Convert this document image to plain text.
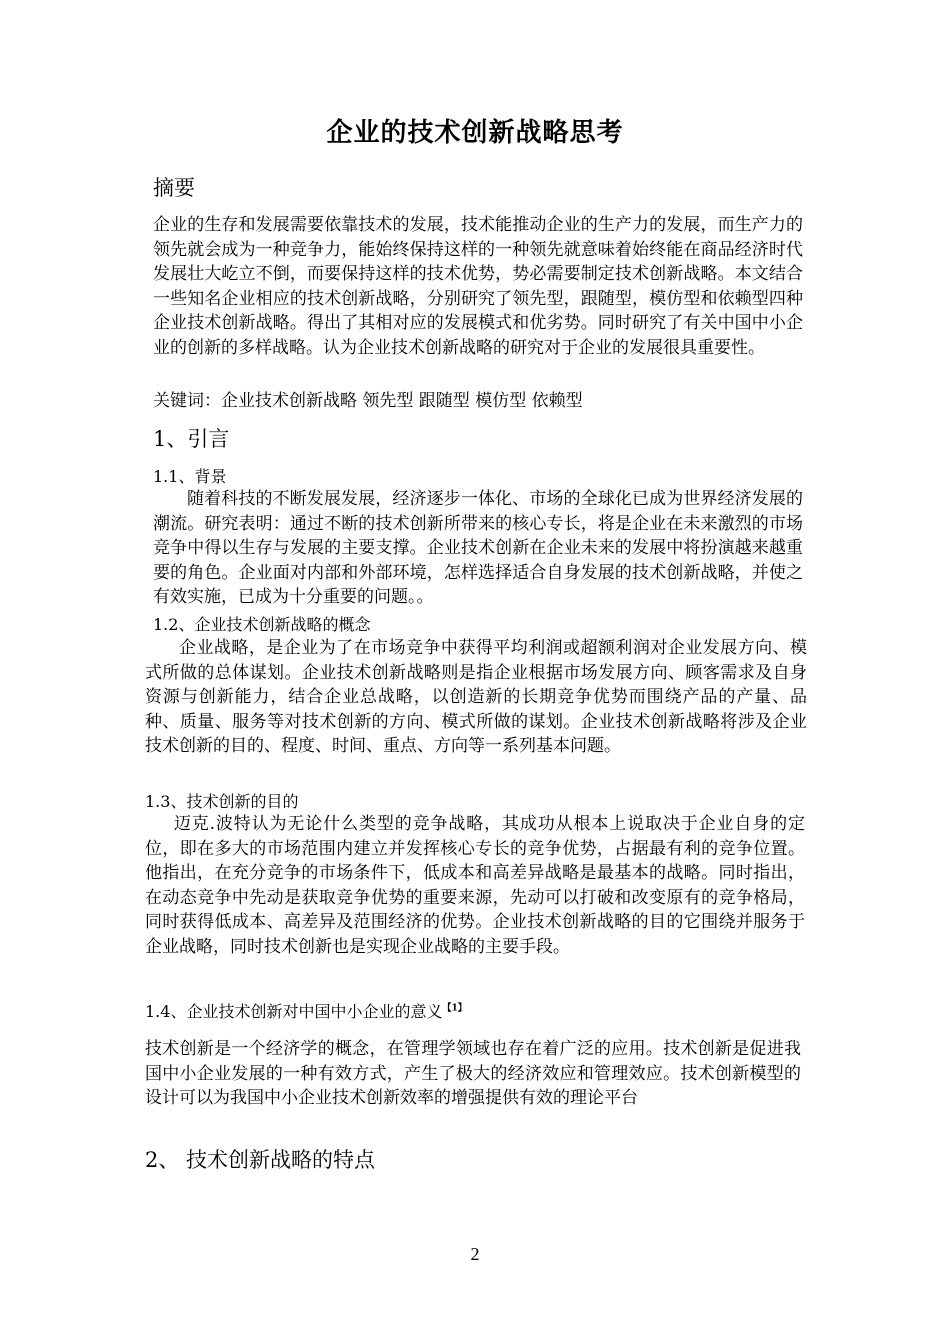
企业的技术创新战略思考
摘要
企业的生存和发展需要依靠技术的发展，技术能推动企业的生产力的发展，而生产力的领先就会成为一种竞争力，能始终保持这样的一种领先就意味着始终能在商品经济时代发展壮大屹立不倒，而要保持这样的技术优势，势必需要制定技术创新战略。本文结合一些知名企业相应的技术创新战略，分别研究了领先型，跟随型，模仿型和依赖型四种企业技术创新战略。得出了其相对应的发展模式和优劣势。同时研究了有关中国中小企业的创新的多样战略。认为企业技术创新战略的研究对于企业的发展很具重要性。
关键词：企业技术创新战略 领先型 跟随型 模仿型 依赖型
1、引言
1.1、背景
随着科技的不断发展发展，经济逐步一体化、市场的全球化已成为世界经济发展的潮流。研究表明：通过不断的技术创新所带来的核心专长，将是企业在未来激烈的市场竞争中得以生存与发展的主要支撑。企业技术创新在企业未来的发展中将扮演越来越重要的角色。企业面对内部和外部环境，怎样选择适合自身发展的技术创新战略，并使之有效实施，已成为十分重要的问题。。
1.2、企业技术创新战略的概念
企业战略，是企业为了在市场竞争中获得平均利润或超额利润对企业发展方向、模式所做的总体谋划。企业技术创新战略则是指企业根据市场发展方向、顾客需求及自身资源与创新能力，结合企业总战略，以创造新的长期竞争优势而围绕产品的产量、品种、质量、服务等对技术创新的方向、模式所做的谋划。企业技术创新战略将涉及企业技术创新的目的、程度、时间、重点、方向等一系列基本问题。
1.3、技术创新的目的
迈克.波特认为无论什么类型的竞争战略，其成功从根本上说取决于企业自身的定位，即在多大的市场范围内建立并发挥核心专长的竞争优势，占据最有利的竞争位置。他指出，在充分竞争的市场条件下，低成本和高差异战略是最基本的战略。同时指出，在动态竞争中先动是获取竞争优势的重要来源，先动可以打破和改变原有的竞争格局，同时获得低成本、高差异及范围经济的优势。企业技术创新战略的目的它围绕并服务于企业战略，同时技术创新也是实现企业战略的主要手段。
1.4、企业技术创新对中国中小企业的意义$^{【1】}$
技术创新是一个经济学的概念，在管理学领域也存在着广泛的应用。技术创新是促进我国中小企业发展的一种有效方式，产生了极大的经济效应和管理效应。技术创新模型的设计可以为我国中小企业技术创新效率的增强提供有效的理论平台
2、 技术创新战略的特点
2
